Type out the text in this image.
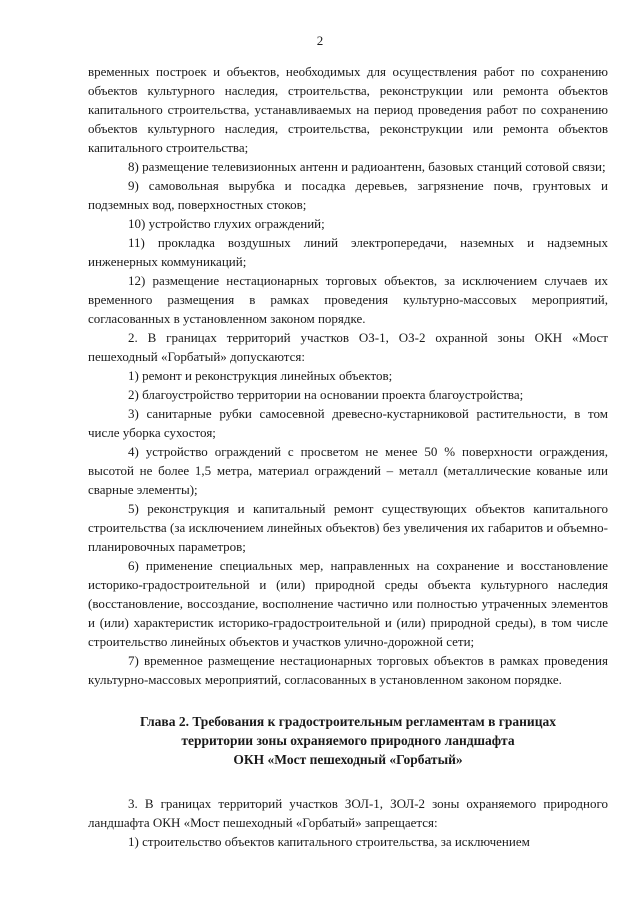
2

временных построек и объектов, необходимых для осуществления работ по сохранению объектов культурного наследия, строительства, реконструкции или ремонта объектов капитального строительства, устанавливаемых на период проведения работ по сохранению объектов культурного наследия, строительства, реконструкции или ремонта объектов капитального строительства;

8) размещение телевизионных антенн и радиоантенн, базовых станций сотовой связи;

9) самовольная вырубка и посадка деревьев, загрязнение почв, грунтовых и подземных вод, поверхностных стоков;

10) устройство глухих ограждений;

11) прокладка воздушных линий электропередачи, наземных и надземных инженерных коммуникаций;

12) размещение нестационарных торговых объектов, за исключением случаев их временного размещения в рамках проведения культурно-массовых мероприятий, согласованных в установленном законом порядке.

2. В границах территорий участков ОЗ-1, ОЗ-2 охранной зоны ОКН «Мост пешеходный «Горбатый» допускаются:

1) ремонт и реконструкция линейных объектов;

2) благоустройство территории на основании проекта благоустройства;

3) санитарные рубки самосевной древесно-кустарниковой растительности, в том числе уборка сухостоя;

4) устройство ограждений с просветом не менее 50 % поверхности ограждения, высотой не более 1,5 метра, материал ограждений – металл (металлические кованые или сварные элементы);

5) реконструкция и капитальный ремонт существующих объектов капитального строительства (за исключением линейных объектов) без увеличения их габаритов и объемно-планировочных параметров;

6) применение специальных мер, направленных на сохранение и восстановление историко-градостроительной и (или) природной среды объекта культурного наследия (восстановление, воссоздание, восполнение частично или полностью утраченных элементов и (или) характеристик историко-градостроительной и (или) природной среды), в том числе строительство линейных объектов и участков улично-дорожной сети;

7) временное размещение нестационарных торговых объектов в рамках проведения культурно-массовых мероприятий, согласованных в установленном законом порядке.

Глава 2. Требования к градостроительным регламентам в границах
территории зоны охраняемого природного ландшафта
ОКН «Мост пешеходный «Горбатый»

3. В границах территорий участков ЗОЛ-1, ЗОЛ-2 зоны охраняемого природного ландшафта ОКН «Мост пешеходный «Горбатый» запрещается:

1) строительство объектов капитального строительства, за исключением
